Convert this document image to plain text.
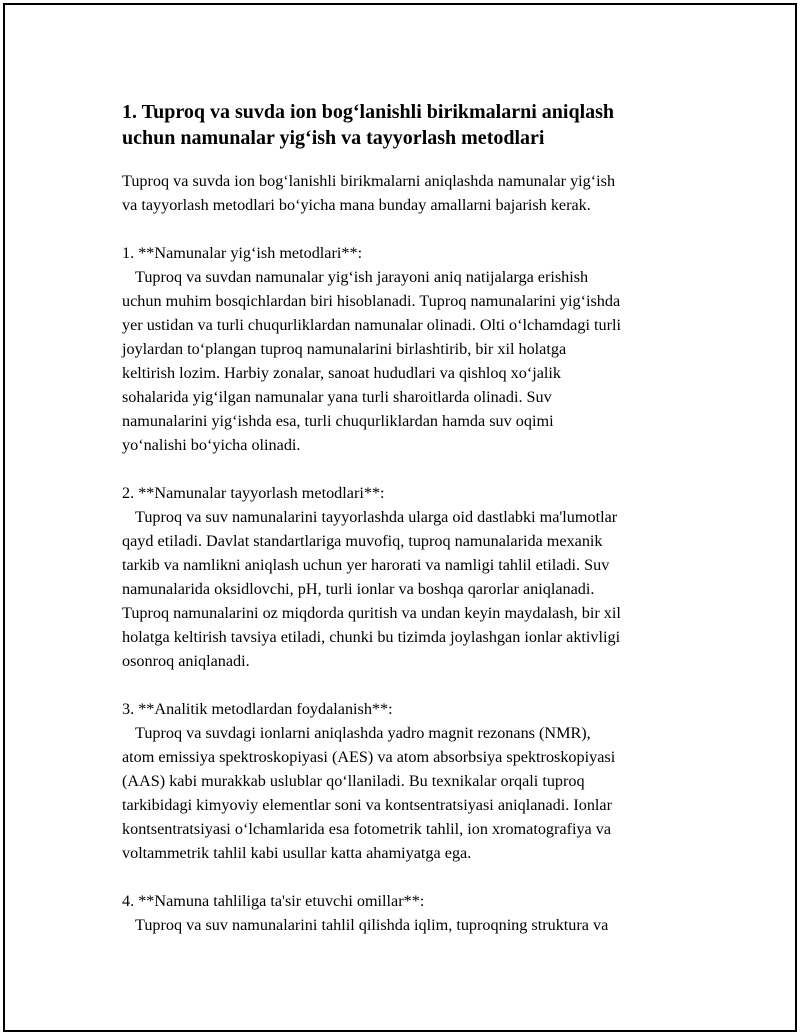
1. Tuproq va suvda ion bog‘lanishli birikmalarni aniqlash
uchun namunalar yig‘ish va tayyorlash metodlari
Tuproq va suvda ion bog‘lanishli birikmalarni aniqlashda namunalar yig‘ish
va tayyorlash metodlari bo‘yicha mana bunday amallarni bajarish kerak.
1. **Namunalar yig‘ish metodlari**:
Tuproq va suvdan namunalar yig‘ish jarayoni aniq natijalarga erishish
uchun muhim bosqichlardan biri hisoblanadi. Tuproq namunalarini yig‘ishda
yer ustidan va turli chuqurliklardan namunalar olinadi. Olti o‘lchamdagi turli
joylardan to‘plangan tuproq namunalarini birlashtirib, bir xil holatga
keltirish lozim. Harbiy zonalar, sanoat hududlari va qishloq xo‘jalik
sohalarida yig‘ilgan namunalar yana turli sharoitlarda olinadi. Suv
namunalarini yig‘ishda esa, turli chuqurliklardan hamda suv oqimi
yo‘nalishi bo‘yicha olinadi.
2. **Namunalar tayyorlash metodlari**:
Tuproq va suv namunalarini tayyorlashda ularga oid dastlabki ma'lumotlar
qayd etiladi. Davlat standartlariga muvofiq, tuproq namunalarida mexanik
tarkib va namlikni aniqlash uchun yer harorati va namligi tahlil etiladi. Suv
namunalarida oksidlovchi, pH, turli ionlar va boshqa qarorlar aniqlanadi.
Tuproq namunalarini oz miqdorda quritish va undan keyin maydalash, bir xil
holatga keltirish tavsiya etiladi, chunki bu tizimda joylashgan ionlar aktivligi
osonroq aniqlanadi.
3. **Analitik metodlardan foydalanish**:
Tuproq va suvdagi ionlarni aniqlashda yadro magnit rezonans (NMR),
atom emissiya spektroskopiyasi (AES) va atom absorbsiya spektroskopiyasi
(AAS) kabi murakkab uslublar qo‘llaniladi. Bu texnikalar orqali tuproq
tarkibidagi kimyoviy elementlar soni va kontsentratsiyasi aniqlanadi. Ionlar
kontsentratsiyasi o‘lchamlarida esa fotometrik tahlil, ion xromatografiya va
voltammetrik tahlil kabi usullar katta ahamiyatga ega.
4. **Namuna tahliliga ta'sir etuvchi omillar**:
Tuproq va suv namunalarini tahlil qilishda iqlim, tuproqning struktura va
